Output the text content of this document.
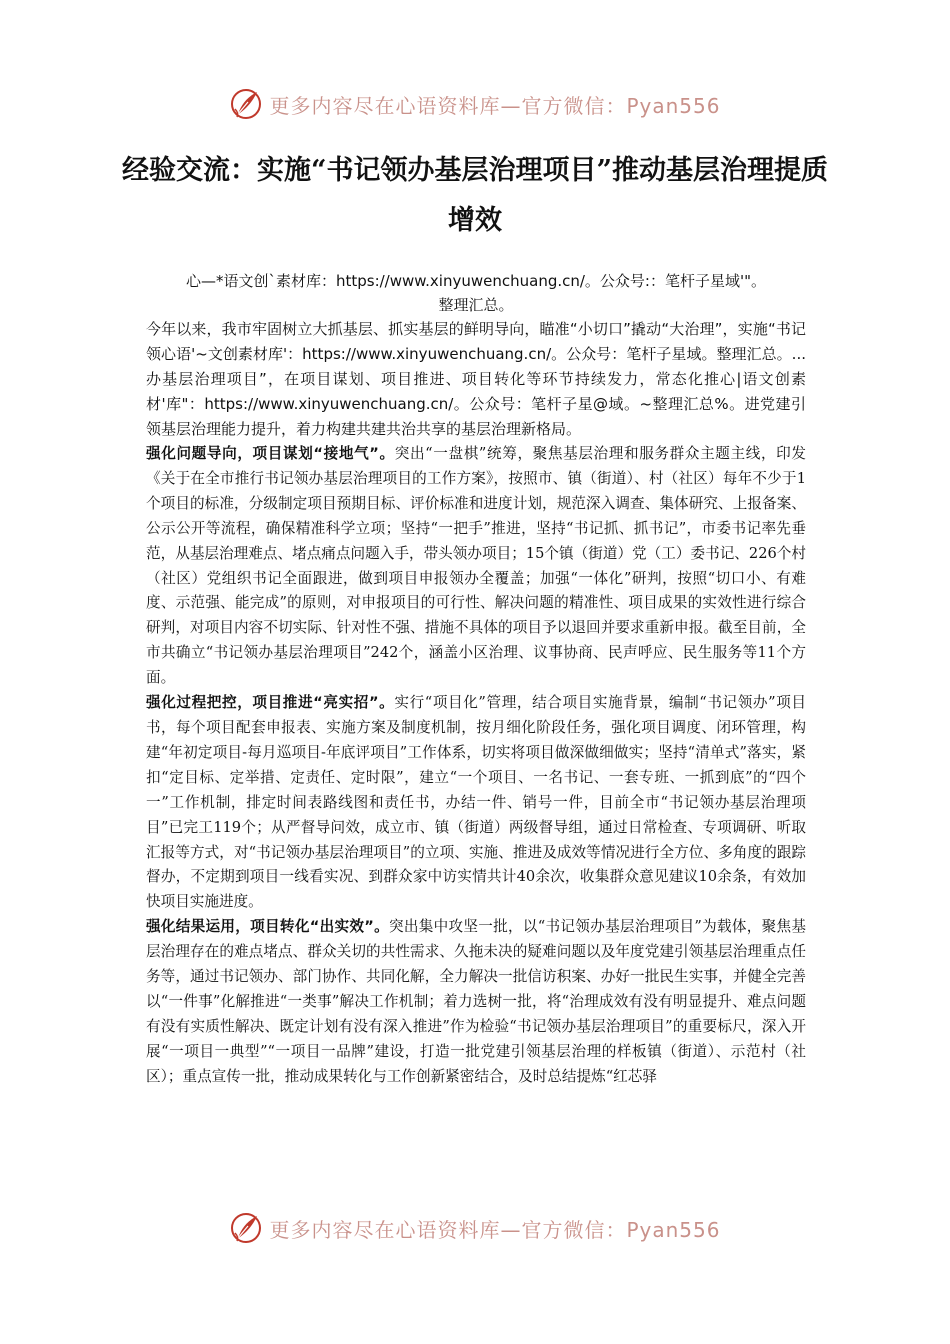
更多内容尽在心语资料库—官方微信：Pyan556
经验交流：实施“书记领办基层治理项目”推动基层治理提质增效

心—*语文创`素材库：https://www.xinyuwenchuang.cn/。公众号:：笔杆子星域'"。

整理汇总。

今年以来，我市牢固树立大抓基层、抓实基层的鲜明导向，瞄准“小切口”撬动“大治理”，实施“书记领心语'~文创素材库'：https://www.xinyuwenchuang.cn/。公众号：笔杆子星域。整理汇总。...办基层治理项目”，在项目谋划、项目推进、项目转化等环节持续发力，常态化推心|语文创素材'库"：https://www.xinyuwenchuang.cn/。公众号：笔杆子星@域。~整理汇总%。进党建引领基层治理能力提升，着力构建共建共治共享的基层治理新格局。

强化问题导向，项目谋划“接地气”。突出“一盘棋”统筹，聚焦基层治理和服务群众主题主线，印发《关于在全市推行书记领办基层治理项目的工作方案》，按照市、镇（街道）、村（社区）每年不少于1个项目的标准，分级制定项目预期目标、评价标准和进度计划，规范深入调查、集体研究、上报备案、公示公开等流程，确保精准科学立项；坚持“一把手”推进，坚持“书记抓、抓书记”，市委书记率先垂范，从基层治理难点、堵点痛点问题入手，带头领办项目；15个镇（街道）党（工）委书记、226个村（社区）党组织书记全面跟进，做到项目申报领办全覆盖；加强“一体化”研判，按照“切口小、有难度、示范强、能完成”的原则，对申报项目的可行性、解决问题的精准性、项目成果的实效性进行综合研判，对项目内容不切实际、针对性不强、措施不具体的项目予以退回并要求重新申报。截至目前，全市共确立“书记领办基层治理项目”242个，涵盖小区治理、议事协商、民声呼应、民生服务等11个方面。

强化过程把控，项目推进“亮实招”。实行“项目化”管理，结合项目实施背景，编制“书记领办”项目书，每个项目配套申报表、实施方案及制度机制，按月细化阶段任务，强化项目调度、闭环管理，构建“年初定项目-每月巡项目-年底评项目”工作体系，切实将项目做深做细做实；坚持“清单式”落实，紧扣“定目标、定举措、定责任、定时限”，建立“一个项目、一名书记、一套专班、一抓到底”的“四个一”工作机制，排定时间表路线图和责任书，办结一件、销号一件，目前全市“书记领办基层治理项目”已完工119个；从严督导问效，成立市、镇（街道）两级督导组，通过日常检查、专项调研、听取汇报等方式，对“书记领办基层治理项目”的立项、实施、推进及成效等情况进行全方位、多角度的跟踪督办，不定期到项目一线看实况、到群众家中访实情共计40余次，收集群众意见建议10余条，有效加快项目实施进度。

强化结果运用，项目转化“出实效”。突出集中攻坚一批，以“书记领办基层治理项目”为载体，聚焦基层治理存在的难点堵点、群众关切的共性需求、久拖未决的疑难问题以及年度党建引领基层治理重点任务等，通过书记领办、部门协作、共同化解，全力解决一批信访积案、办好一批民生实事，并健全完善以“一件事”化解推进“一类事”解决工作机制；着力选树一批，将“治理成效有没有明显提升、难点问题有没有实质性解决、既定计划有没有深入推进”作为检验“书记领办基层治理项目”的重要标尺，深入开展“一项目一典型”“一项目一品牌”建设，打造一批党建引领基层治理的样板镇（街道）、示范村（社区）；重点宣传一批，推动成果转化与工作创新紧密结合，及时总结提炼“红芯驿

更多内容尽在心语资料库—官方微信：Pyan556
